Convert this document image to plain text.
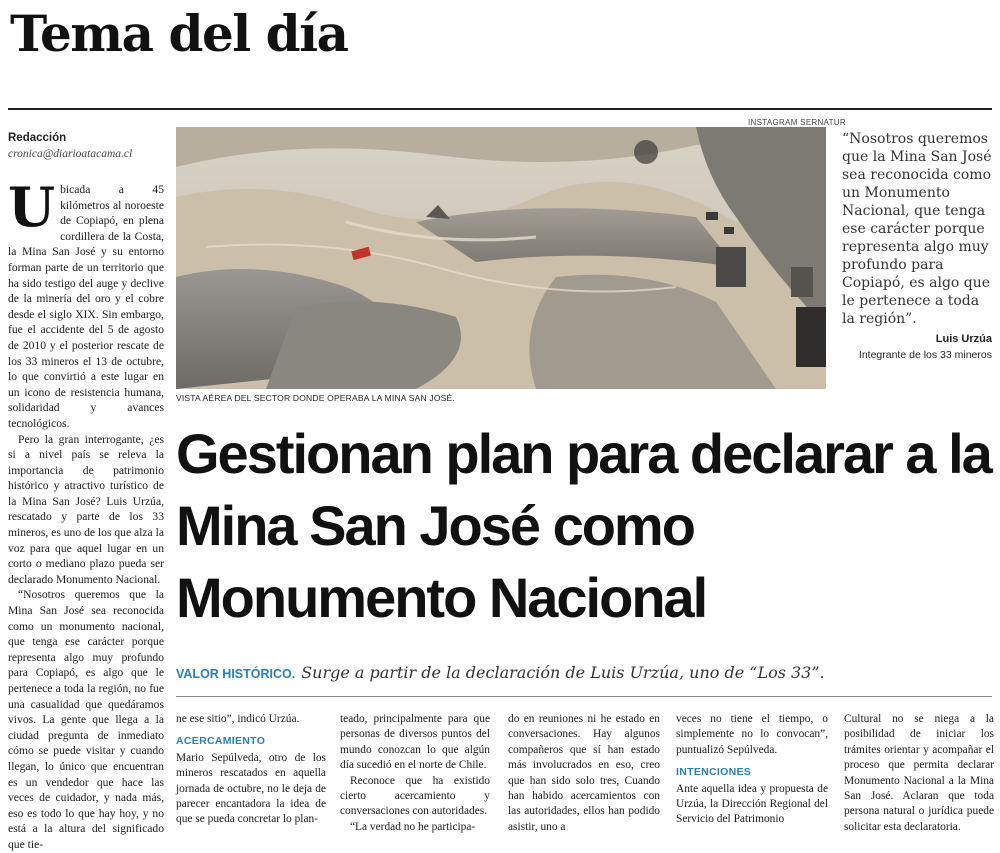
Tema del día
Redacción
cronica@diarioatacama.cl

Ubicada a 45 kilómetros al noroeste de Copiapó, en plena cordillera de la Costa, la Mina San José y su entorno forman parte de un territorio que ha sido testigo del auge y declive de la minería del oro y el cobre desde el siglo XIX. Sin embargo, fue el accidente del 5 de agosto de 2010 y el posterior rescate de los 33 mineros el 13 de octubre, lo que convirtió a este lugar en un icono de resistencia humana, solidaridad y avances tecnológicos.

Pero la gran interrogante, ¿es si a nivel país se releva la importancia de patrimonio histórico y atractivo turístico de la Mina San José? Luis Urzúa, rescatado y parte de los 33 mineros, es uno de los que alza la voz para que aquel lugar en un corto o mediano plazo pueda ser declarado Monumento Nacional.

“Nosotros queremos que la Mina San José sea reconocida como un monumento nacional, que tenga ese carácter porque representa algo muy profundo para Copiapó, es algo que le pertenece a toda la región, no fue una casualidad que quedáramos vivos. La gente que llega a la ciudad pregunta de inmediato cómo se puede visitar y cuando llegan, lo único que encuentran es un vendedor que hace las veces de cuidador, y nada más, eso es todo lo que hay hoy, y no está a la altura del significado que tie-

INSTAGRAM SERNATUR
VISTA AÉREA DEL SECTOR DONDE OPERABA LA MINA SAN JOSÉ.
“Nosotros queremos que la Mina San José sea reconocida como un Monumento Nacional, que tenga ese carácter porque representa algo muy profundo para Copiapó, es algo que le pertenece a toda la región”.
Luis Urzúa
Integrante de los 33 mineros
Gestionan plan para declarar a la Mina San José como Monumento Nacional
VALOR HISTÓRICO. Surge a partir de la declaración de Luis Urzúa, uno de “Los 33”.

ne ese sitio”, indicó Urzúa.

ACERCAMIENTO

Mario Sepúlveda, otro de los mineros rescatados en aquella jornada de octubre, no le deja de parecer encantadora la idea de que se pueda concretar lo plan-

teado, principalmente para que personas de diversos puntos del mundo conozcan lo que algún día sucedió en el norte de Chile.

Reconoce que ha existido cierto acercamiento y conversaciones con autoridades.

“La verdad no he participa-

do en reuniones ni he estado en conversaciones. Hay algunos compañeros que sí han estado más involucrados en eso, creo que han sido solo tres, Cuando han habido acercamientos con las autoridades, ellos han podido asistir, uno a

veces no tiene el tiempo, o simplemente no lo convocan”, puntualizó Sepúlveda.

INTENCIONES

Ante aquella idea y propuesta de Urzúa, la Dirección Regional del Servicio del Patrimonio

Cultural no se niega a la posibilidad de iniciar los trámites orientar y acompañar el proceso que permita declarar Monumento Nacional a la Mina San José. Aclaran que toda persona natural o jurídica puede solicitar esta declaratoria.
